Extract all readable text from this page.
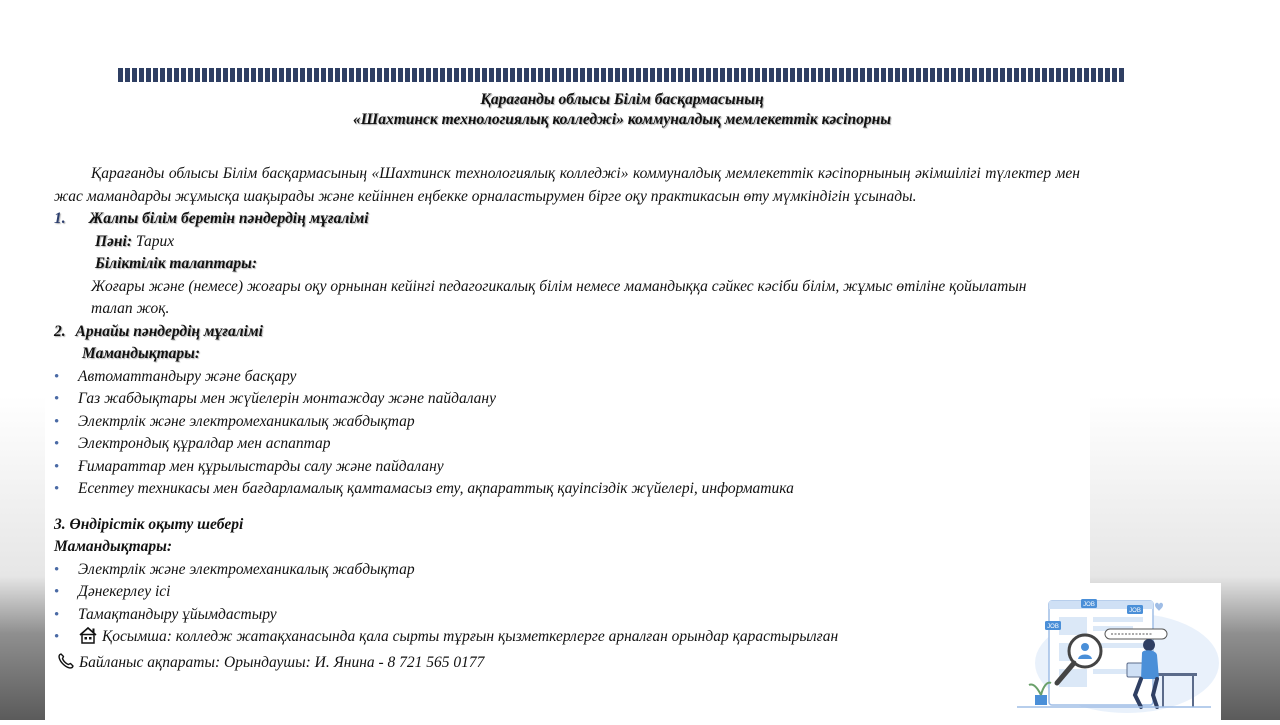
Қарағанды облысы Білім басқармасының
«Шахтинск технологиялық колледжі» коммуналдық мемлекеттік кәсіпорны

Қарағанды облысы Білім басқармасының «Шахтинск технологиялық колледжі» коммуналдық мемлекеттік кәсіпорнының әкімшілігі түлектер мен жас мамандарды жұмысқа шақырады және кейіннен еңбекке орналастырумен бірге оқу практикасын өту мүмкіндігін ұсынады.

1. Жалпы білім беретін пәндердің мұғалімі
Пәні: Тарих
Біліктілік талаптары:
Жоғары және (немесе) жоғары оқу орнынан кейінгі педагогикалық білім немесе мамандыққа сәйкес кәсіби білім, жұмыс өтіліне қойылатын талап жоқ.
2. Арнайы пәндердің мұғалімі
Мамандықтары:
• Автоматтандыру және басқару
• Газ жабдықтары мен жүйелерін монтаждау және пайдалану
• Электрлік және электромеханикалық жабдықтар
• Электрондық құралдар мен аспаптар
• Ғимараттар мен құрылыстарды салу және пайдалану
• Есептеу техникасы мен бағдарламалық қамтамасыз ету, ақпараттық қауіпсіздік жүйелері, информатика
3. Өндірістік оқыту шебері
Мамандықтары:
• Электрлік және электромеханикалық жабдықтар
• Дәнекерлеу ісі
• Тамақтандыру ұйымдастыру
• Қосымша: колледж жатақханасында қала сырты тұрғын қызметкерлерге арналған орындар қарастырылған
Байланыс ақпараты: Орындаушы: И. Янина - 8 721 565 0177
JOB
JOB
JOB
